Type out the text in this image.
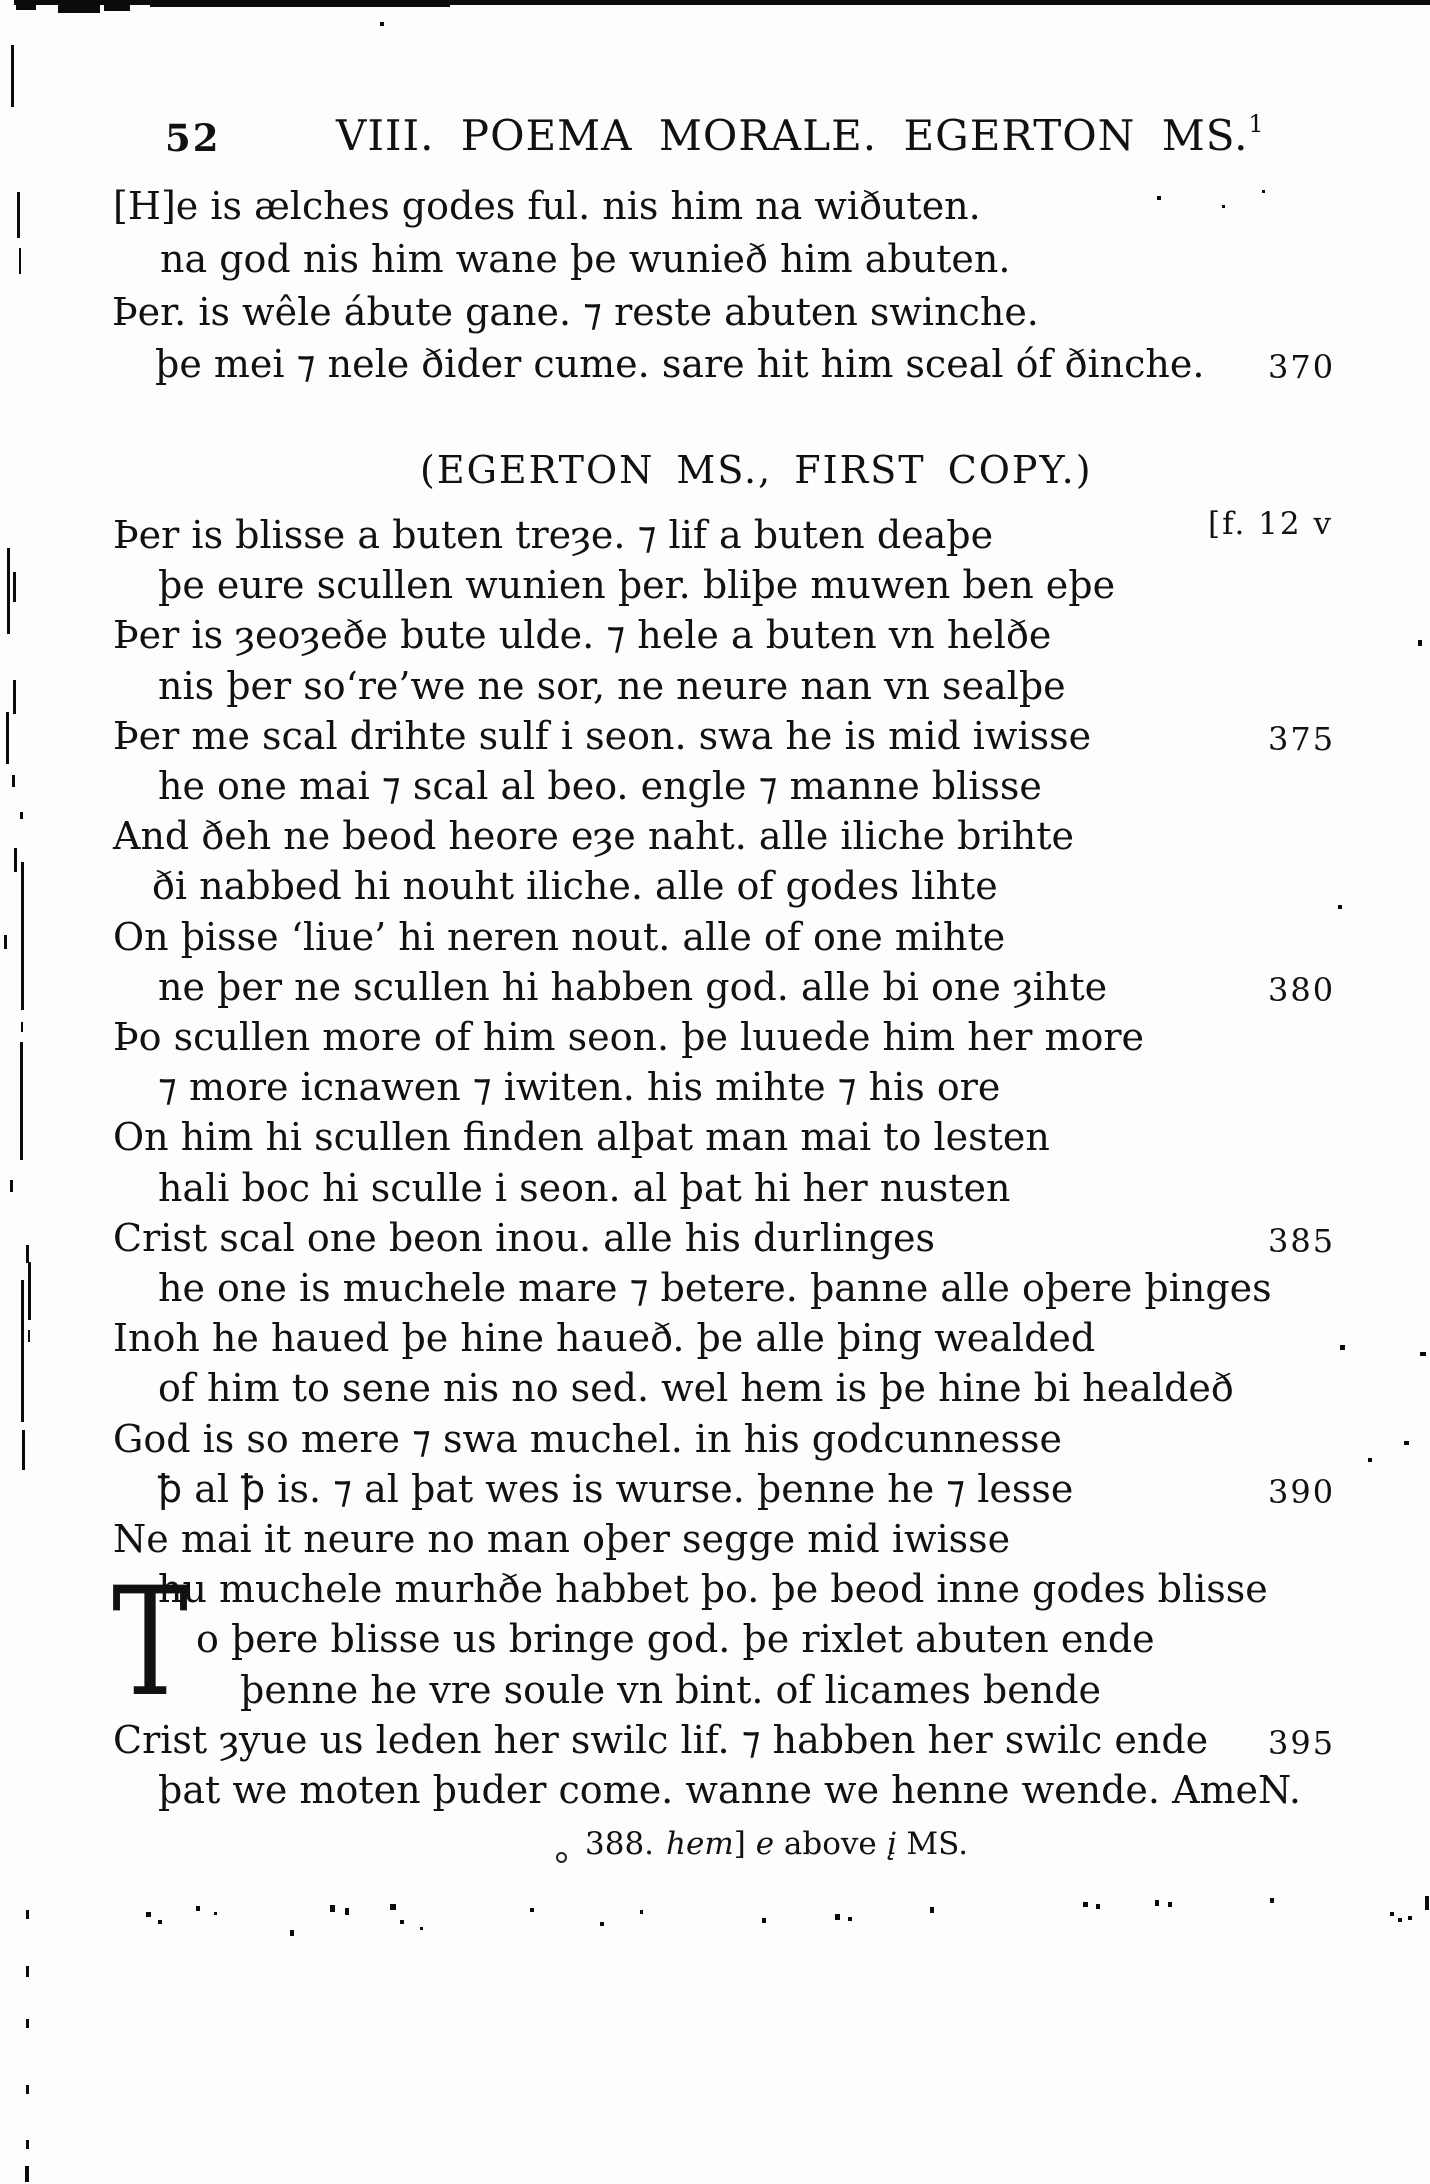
52	VIII. POEMA MORALE. EGERTON MS.$^1$
[H]e is ælches godes ful. nis him na wiðuten.
na god nis him wane þe wunieð him abuten.
Þer. is wêle ábute gane. ⁊ reste abuten swinche.
þe mei ⁊ nele ðider cume. sare hit him sceal óf ðinche. 370
(EGERTON MS., FIRST COPY.)
[f. 12 v
Þer is blisse a buten treȝe. ⁊ lif a buten deaþe
þe eure scullen wunien þer. bliþe muwen ben eþe
Þer is ȝeoȝeðe bute ulde. ⁊ hele a buten vn helðe
nis þer so‘re’we ne sor, ne neure nan vn sealþe
Þer me scal drihte sulf i seon. swa he is mid iwisse	375
he one mai ⁊ scal al beo. engle ⁊ manne blisse
And ðeh ne beod heore eȝe naht. alle iliche brihte
ði nabbed hi nouht iliche. alle of godes lihte
On þisse ‘liue’ hi neren nout. alle of one mihte
ne þer ne scullen hi habben god. alle bi one ȝihte	380
Þo scullen more of him seon. þe luuede him her more
⁊ more icnawen ⁊ iwiten. his mihte ⁊ his ore
On him hi scullen finden alþat man mai to lesten
hali boc hi sculle i seon. al þat hi her nusten
Crist scal one beon inou. alle his durlinges	385
he one is muchele mare ⁊ betere. þanne alle oþere þinges
Inoh he haued þe hine haueð. þe alle þing wealded
of him to sene nis no sed. wel hem is þe hine bi healdeð
God is so mere ⁊ swa muchel. in his godcunnesse
ꝥ al ꝥ is. ⁊ al þat wes is wurse. þenne he ⁊ lesse	390
Ne mai it neure no man oþer segge mid iwisse
hu muchele murhðe habbet þo. þe beod inne godes blisse
T o þere blisse us bringe god. þe rixlet abuten ende
þenne he vre soule vn bint. of licames bende
Crist ȝyue us leden her swilc lif. ⁊ habben her swilc ende 395
þat we moten þuder come. wanne we henne wende. AmeN.
388. hem] e above į MS.
